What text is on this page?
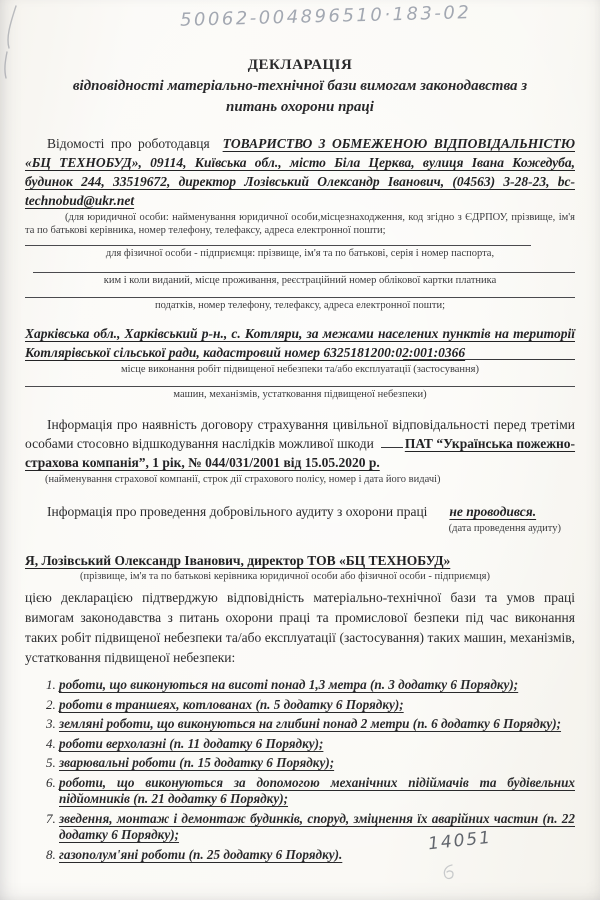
50062-004896510·183-02
ДЕКЛАРАЦІЯ
відповідності матеріально-технічної бази вимогам законодавства з
питань охорони праці

Відомості про роботодавця ТОВАРИСТВО З ОБМЕЖЕНОЮ ВІДПОВІДАЛЬНІСТЮ «БЦ ТЕХНОБУД», 09114, Київська обл., місто Біла Церква, вулиця Івана Кожедуба, будинок 244, 33519672, директор Лозівський Олександр Іванович, (04563) 3-28-23, bc-technobud@ukr.net

(для юридичної особи: найменування юридичної особи,місцезнаходження, код згідно з ЄДРПОУ, прізвище, ім'я та по батькові керівника, номер телефону, телефаксу, адреса електронної пошти;

для фізичної особи - підприємця: прізвище, ім'я та по батькові, серія і номер паспорта,

ким і коли виданий, місце проживання, реєстраційний номер облікової картки платника

податків, номер телефону, телефаксу, адреса електронної пошти;

Харківська обл., Харківський р-н., с. Котляри, за межами населених пунктів на території Котлярівської сільської ради, кадастровий номер 6325181200:02:001:0366

місце виконання робіт підвищеної небезпеки та/або експлуатації (застосування)

машин, механізмів, устатковання підвищеної небезпеки)

Інформація про наявність договору страхування цивільної відповідальності перед третіми особами стосовно відшкодування наслідків можливої шкоди ПАТ “Українська пожежно-страхова компанія”, 1 рік, № 044/031/2001 від 15.05.2020 р.

(найменування страхової компанії, строк дії страхового полісу, номер і дата його видачі)

Інформація про проведення добровільного аудиту з охорони праці не проводився.

(дата проведення аудиту)

Я, Лозівський Олександр Іванович, директор ТОВ «БЦ ТЕХНОБУД»

(прізвище, ім'я та по батькові керівника юридичної особи або фізичної особи - підприємця)

цією декларацією підтверджую відповідність матеріально-технічної бази та умов праці вимогам законодавства з питань охорони праці та промислової безпеки під час виконання таких робіт підвищеної небезпеки та/або експлуатації (застосування) таких машин, механізмів, устатковання підвищеної небезпеки:

1. роботи, що виконуються на висоті понад 1,3 метра (п. 3 додатку 6 Порядку);
2. роботи в траншеях, котлованах (п. 5 додатку 6 Порядку);
3. земляні роботи, що виконуються на глибині понад 2 метри (п. 6 додатку 6 Порядку);
4. роботи верхолазні (п. 11 додатку 6 Порядку);
5. зварювальні роботи (п. 15 додатку 6 Порядку);
6. роботи, що виконуються за допомогою механічних підіймачів та будівельних підйомників (п. 21 додатку 6 Порядку);
7. зведення, монтаж і демонтаж будинків, споруд, зміцнення їх аварійних частин (п. 22 додатку 6 Порядку);
8. газополум'яні роботи (п. 25 додатку 6 Порядку).	14051
